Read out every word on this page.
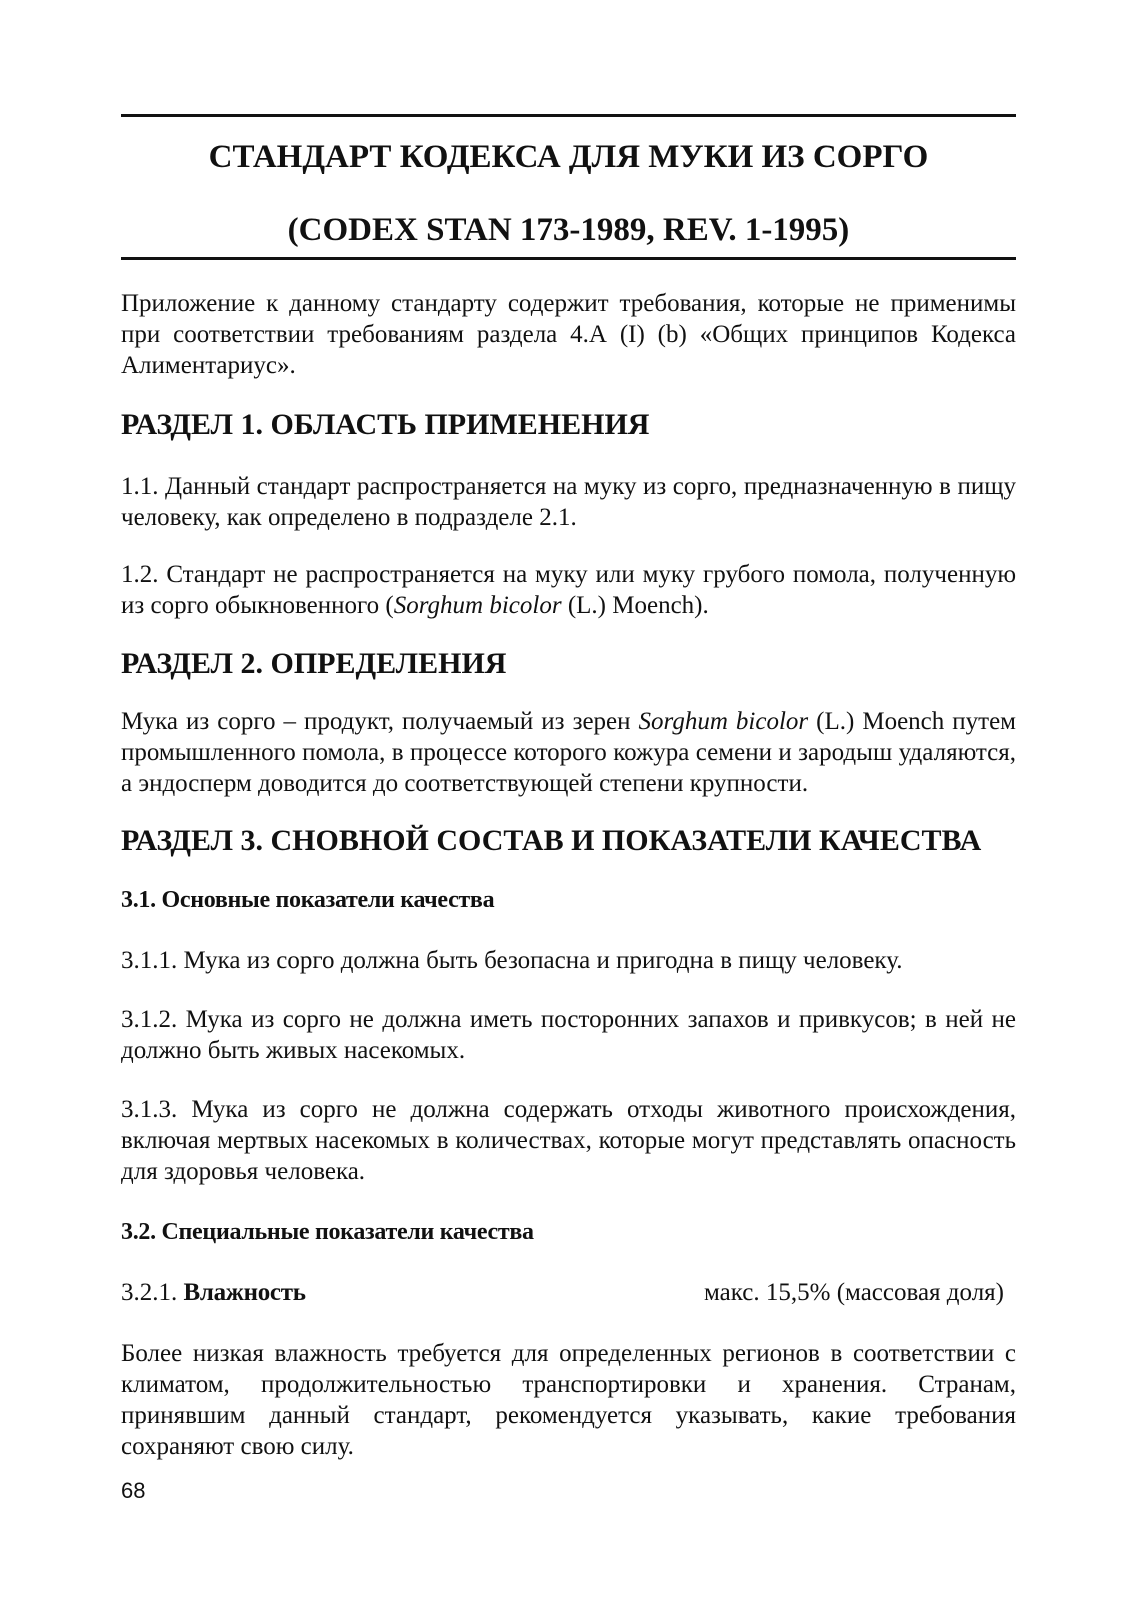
СТАНДАРТ КОДЕКСА ДЛЯ МУКИ ИЗ СОРГО
(CODEX STAN 173-1989, REV. 1-1995)

Приложение к данному стандарту содержит требования, которые не применимы при соответствии требованиям раздела 4.А (I) (b) «Общих принципов Кодекса Алиментариус».

РАЗДЕЛ 1. ОБЛАСТЬ ПРИМЕНЕНИЯ

1.1. Данный стандарт распространяется на муку из сорго, предназначенную в пищу человеку, как определено в подразделе 2.1.

1.2. Стандарт не распространяется на муку или муку грубого помола, полученную из сорго обыкновенного (Sorghum bicolor (L.) Moench).

РАЗДЕЛ 2. ОПРЕДЕЛЕНИЯ

Мука из сорго – продукт, получаемый из зерен Sorghum bicolor (L.) Moench путем промышленного помола, в процессе которого кожура семени и зародыш удаляются, а эндосперм доводится до соответствующей степени крупности.

РАЗДЕЛ 3. СНОВНОЙ СОСТАВ И ПОКАЗАТЕЛИ КАЧЕСТВА
3.1. Основные показатели качества

3.1.1. Мука из сорго должна быть безопасна и пригодна в пищу человеку.

3.1.2. Мука из сорго не должна иметь посторонних запахов и привкусов; в ней не должно быть живых насекомых.

3.1.3. Мука из сорго не должна содержать отходы животного происхождения, включая мертвых насекомых в количествах, которые могут представлять опасность для здоровья человека.

3.2. Специальные показатели качества
3.2.1. Влажность	макс. 15,5% (массовая доля)

Более низкая влажность требуется для определенных регионов в соответствии с климатом, продолжительностью транспортировки и хранения. Странам, принявшим данный стандарт, рекомендуется указывать, какие требования сохраняют свою силу.

68
